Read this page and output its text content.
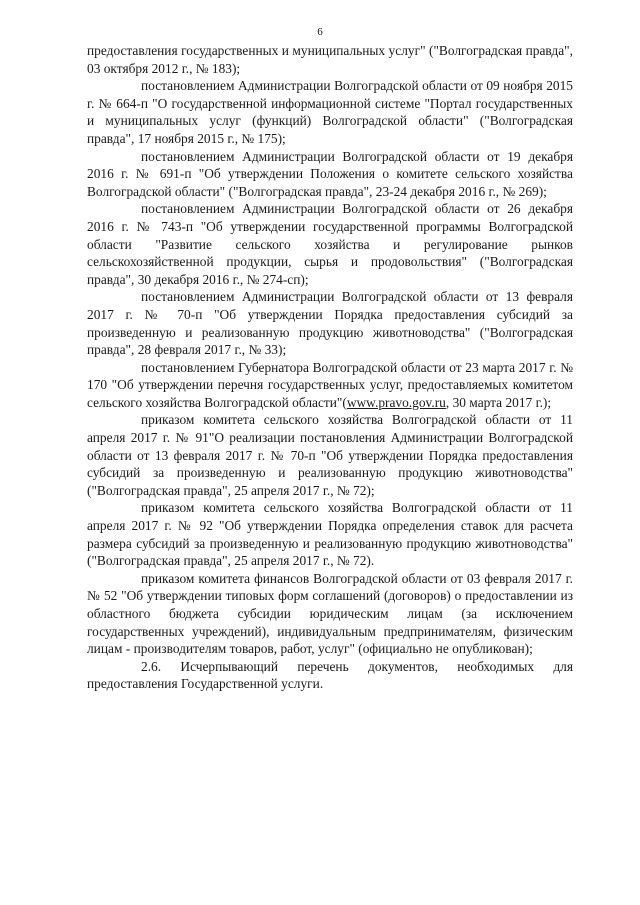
6

предоставления государственных и муниципальных услуг" ("Волгоградская правда", 03 октября 2012 г., № 183);

постановлением Администрации Волгоградской области от 09 ноября 2015 г. № 664-п "О государственной информационной системе "Портал государственных и муниципальных услуг (функций) Волгоградской области" ("Волгоградская правда", 17 ноября 2015 г., № 175);

постановлением Администрации Волгоградской области от 19 декабря 2016 г. № 691-п "Об утверждении Положения о комитете сельского хозяйства Волгоградской области" ("Волгоградская правда", 23-24 декабря 2016 г., № 269);

постановлением Администрации Волгоградской области от 26 декабря 2016 г. № 743-п "Об утверждении государственной программы Волгоградской области "Развитие сельского хозяйства и регулирование рынков сельскохозяйственной продукции, сырья и продовольствия" ("Волгоградская правда", 30 декабря 2016 г., № 274-сп);

постановлением Администрации Волгоградской области от 13 февраля 2017 г. № 70-п "Об утверждении Порядка предоставления субсидий за произведенную и реализованную продукцию животноводства" ("Волгоградская правда", 28 февраля 2017 г., № 33);

постановлением Губернатора Волгоградской области от 23 марта 2017 г. № 170 "Об утверждении перечня государственных услуг, предоставляемых комитетом сельского хозяйства Волгоградской области"(www.pravo.gov.ru, 30 марта 2017 г.);

приказом комитета сельского хозяйства Волгоградской области от 11 апреля 2017 г. № 91"О реализации постановления Администрации Волгоградской области от 13 февраля 2017 г. № 70-п "Об утверждении Порядка предоставления субсидий за произведенную и реализованную продукцию животноводства" ("Волгоградская правда", 25 апреля 2017 г., № 72);

приказом комитета сельского хозяйства Волгоградской области от 11 апреля 2017 г. № 92 "Об утверждении Порядка определения ставок для расчета размера субсидий за произведенную и реализованную продукцию животноводства" ("Волгоградская правда", 25 апреля 2017 г., № 72).

приказом комитета финансов Волгоградской области от 03 февраля 2017 г. № 52 "Об утверждении типовых форм соглашений (договоров) о предоставлении из областного бюджета субсидии юридическим лицам (за исключением государственных учреждений), индивидуальным предпринимателям, физическим лицам - производителям товаров, работ, услуг" (официально не опубликован);

2.6. Исчерпывающий перечень документов, необходимых для предоставления Государственной услуги.
